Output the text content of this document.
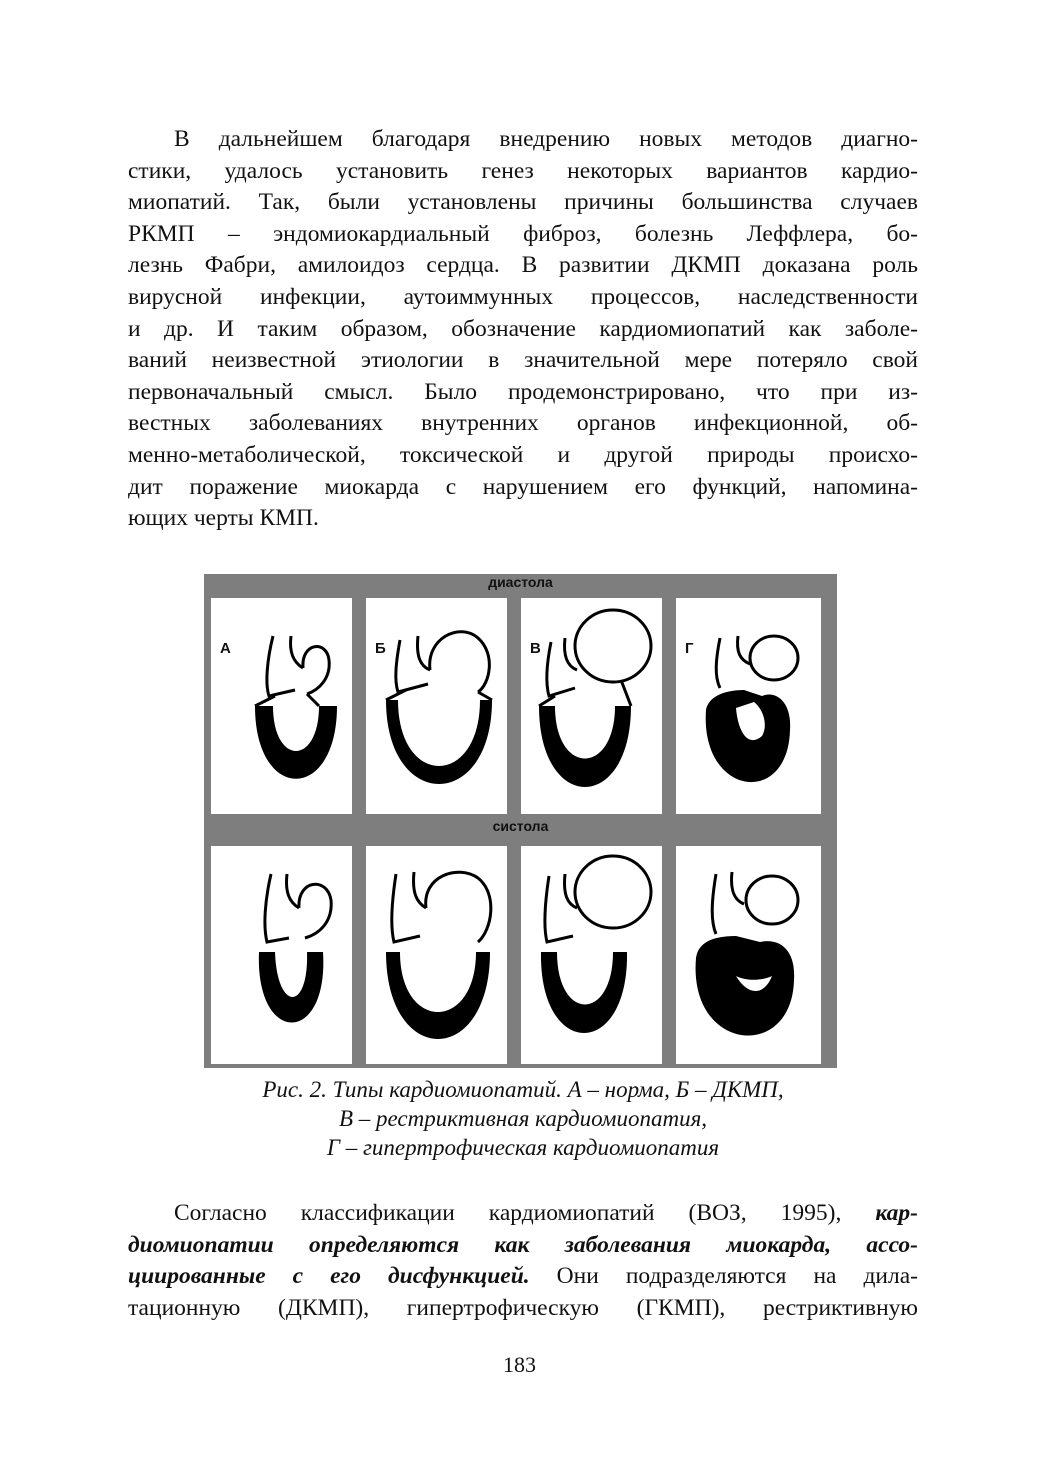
В дальнейшем благодаря внедрению новых методов диагно-
стики, удалось установить генез некоторых вариантов кардио-
миопатий. Так, были установлены причины большинства случаев
РКМП – эндомиокардиальный фиброз, болезнь Леффлера, бо-
лезнь Фабри, амилоидоз сердца. В развитии ДКМП доказана роль
вирусной инфекции, аутоиммунных процессов, наследственности
и др. И таким образом, обозначение кардиомиопатий как заболе-
ваний неизвестной этиологии в значительной мере потеряло свой
первоначальный смысл. Было продемонстрировано, что при из-
вестных заболеваниях внутренних органов инфекционной, об-
менно-метаболической, токсической и другой природы происхо-
дит поражение миокарда с нарушением его функций, напомина-
ющих черты КМП.

диастола
систола
А	Б	В	Г
Рис. 2. Типы кардиомиопатий. А – норма, Б – ДКМП,
В – рестриктивная кардиомиопатия,
Г – гипертрофическая кардиомиопатия

Согласно классификации кардиомиопатий (ВОЗ, 1995), кар-
диомиопатии определяются как заболевания миокарда, ассо-
циированные с его дисфункцией. Они подразделяются на дила-
тационную (ДКМП), гипертрофическую (ГКМП), рестриктивную

183
